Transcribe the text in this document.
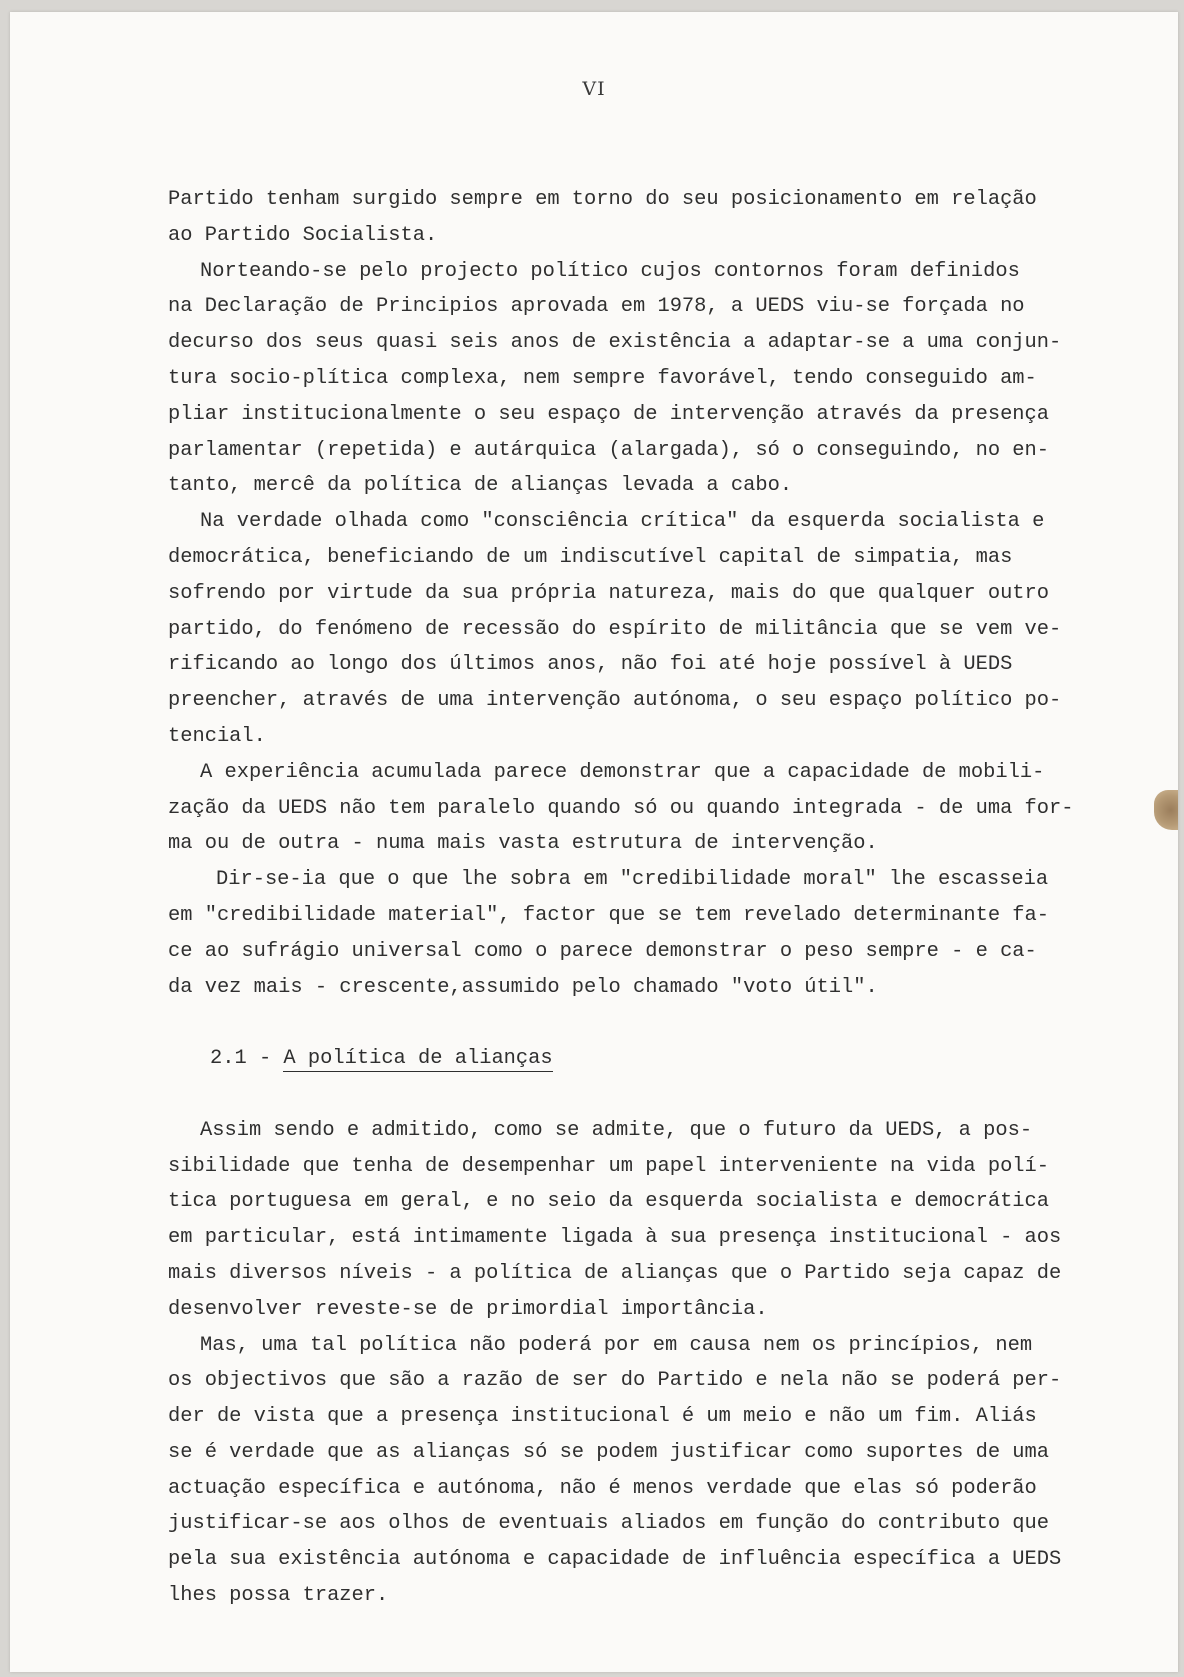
VI
Partido tenham surgido sempre em torno do seu posicionamento em relação
ao Partido Socialista.
Norteando-se pelo projecto político cujos contornos foram definidos
na Declaração de Principios aprovada em 1978, a UEDS viu-se forçada no
decurso dos seus quasi seis anos de existência a adaptar-se a uma conjun-
tura socio-plítica complexa, nem sempre favorável, tendo conseguido am-
pliar institucionalmente o seu espaço de intervenção através da presença
parlamentar (repetida) e autárquica (alargada), só o conseguindo, no en-
tanto, mercê da política de alianças levada a cabo.
Na verdade olhada como "consciência crítica" da esquerda socialista e
democrática, beneficiando de um indiscutível capital de simpatia, mas
sofrendo por virtude da sua própria natureza, mais do que qualquer outro
partido, do fenómeno de recessão do espírito de militância que se vem ve-
rificando ao longo dos últimos anos, não foi até hoje possível à UEDS
preencher, através de uma intervenção autónoma, o seu espaço político po-
tencial.
A experiência acumulada parece demonstrar que a capacidade de mobili-
zação da UEDS não tem paralelo quando só ou quando integrada - de uma for-
ma ou de outra - numa mais vasta estrutura de intervenção.
Dir-se-ia que o que lhe sobra em "credibilidade moral" lhe escasseia
em "credibilidade material", factor que se tem revelado determinante fa-
ce ao sufrágio universal como o parece demonstrar o peso sempre - e ca-
da vez mais - crescente,assumido pelo chamado "voto útil".
2.1 - A política de alianças
Assim sendo e admitido, como se admite, que o futuro da UEDS, a pos-
sibilidade que tenha de desempenhar um papel interveniente na vida polí-
tica portuguesa em geral, e no seio da esquerda socialista e democrática
em particular, está intimamente ligada à sua presença institucional - aos
mais diversos níveis - a política de alianças que o Partido seja capaz de
desenvolver reveste-se de primordial importância.
Mas, uma tal política não poderá por em causa nem os princípios, nem
os objectivos que são a razão de ser do Partido e nela não se poderá per-
der de vista que a presença institucional é um meio e não um fim. Aliás
se é verdade que as alianças só se podem justificar como suportes de uma
actuação específica e autónoma, não é menos verdade que elas só poderão
justificar-se aos olhos de eventuais aliados em função do contributo que
pela sua existência autónoma e capacidade de influência específica a UEDS
lhes possa trazer.
